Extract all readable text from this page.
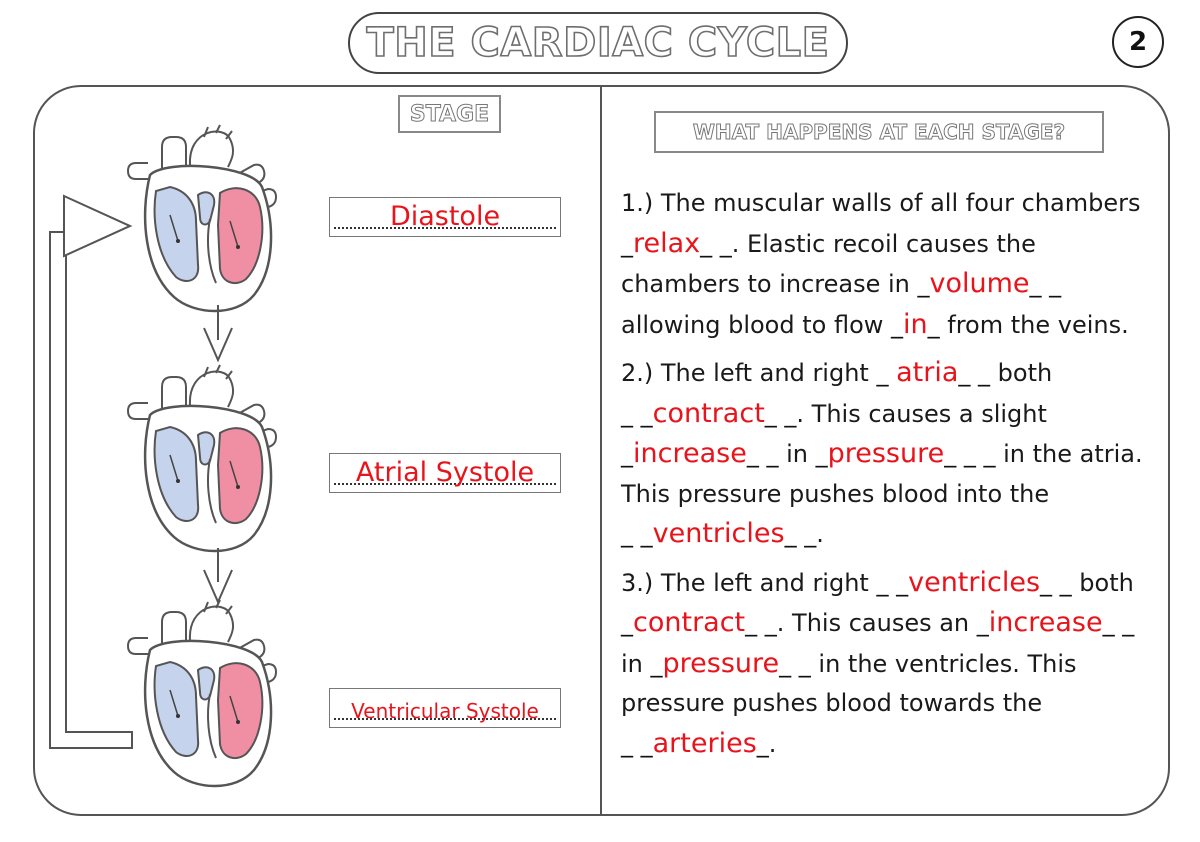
THE CARDIAC CYCLE	2
STAGE
WHAT HAPPENS AT EACH STAGE?
Diastole
Atrial Systole
Ventricular Systole

1.) The muscular walls of all four chambers _relax_ _. Elastic recoil causes the chambers to increase in _volume_ _ allowing blood to flow _in_ from the veins.

2.) The left and right _ atria_ _ both _ _contract_ _. This causes a slight _increase_ _ in _pressure_ _ _ in the atria. This pressure pushes blood into the _ _ventricles_ _.

3.) The left and right _ _ventricles_ _ both _contract_ _. This causes an _increase_ _ in _pressure_ _ in the ventricles. This pressure pushes blood towards the _ _arteries_.
